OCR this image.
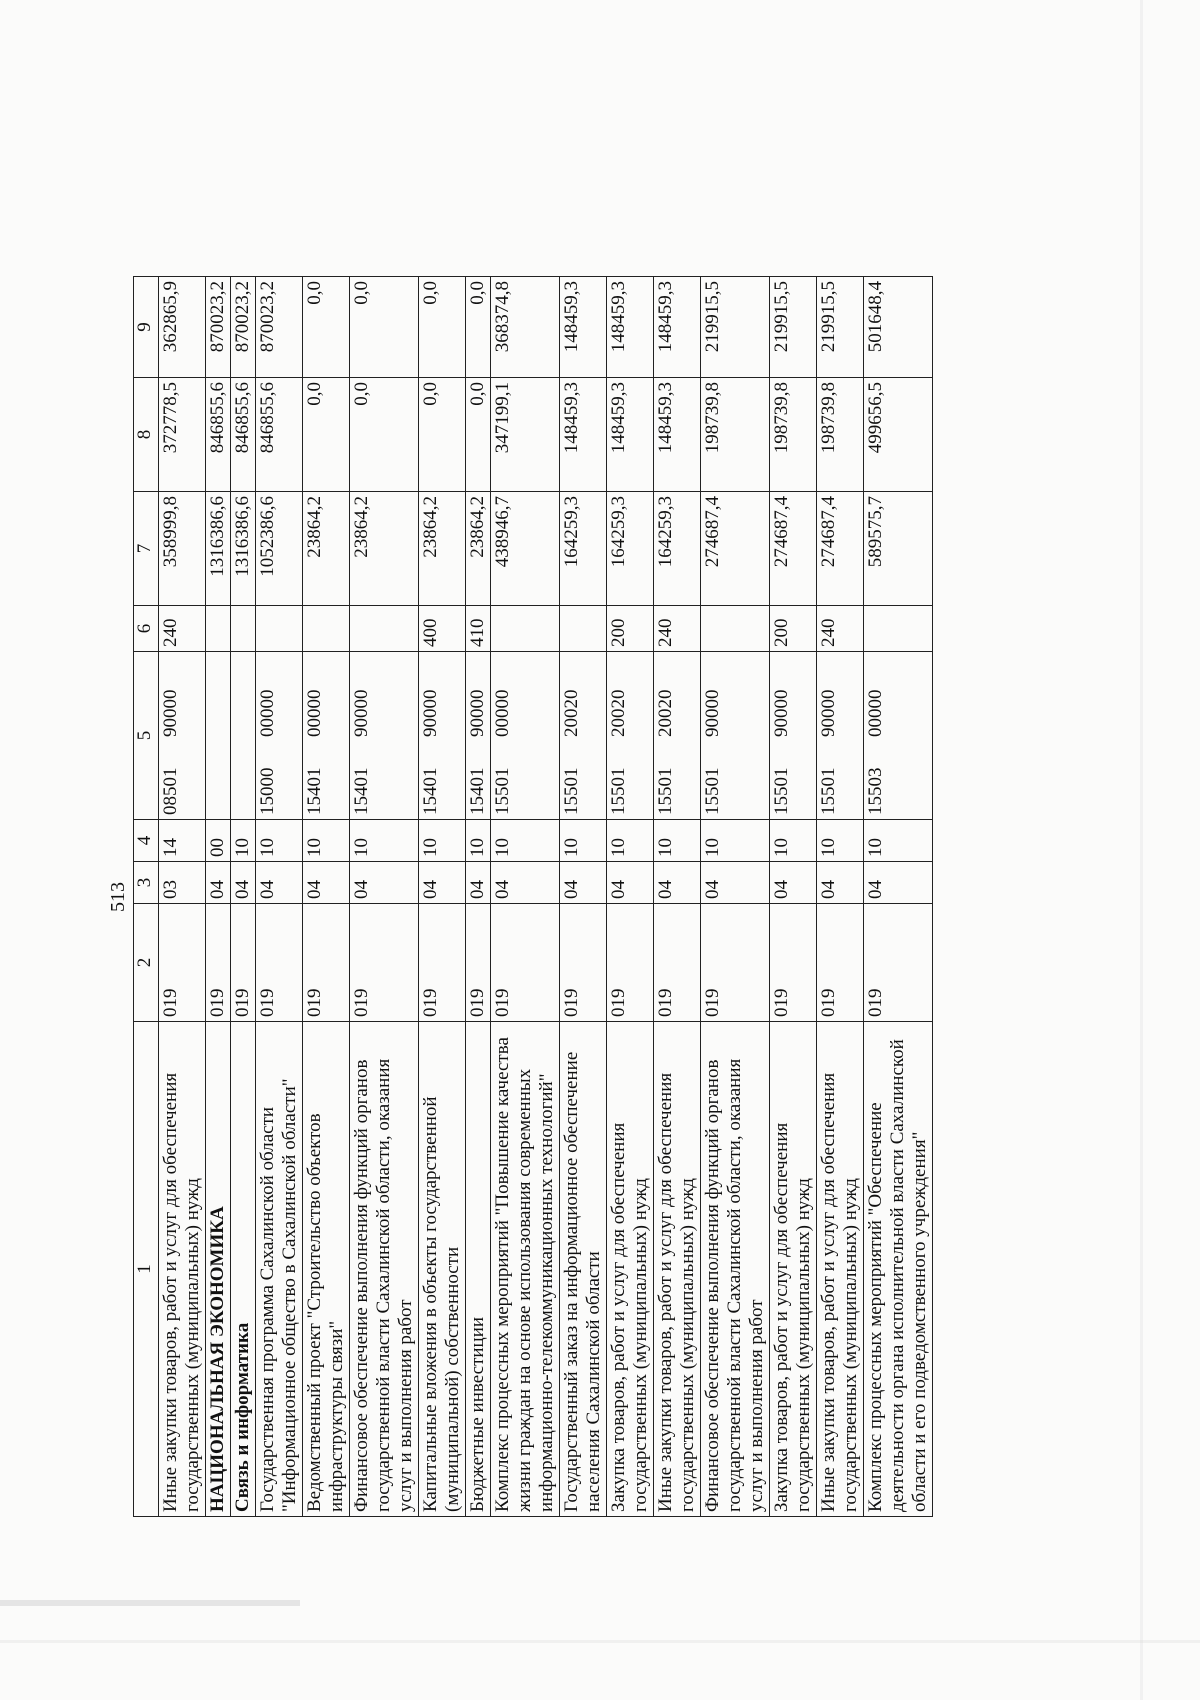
513
1	2	3	4	5	6	7	8	9
Иные закупки товаров, работ и услуг для обеспечения государственных (муниципальных) нужд	019	03	14	0850190000	240	358999,8	372778,5	362865,9
НАЦИОНАЛЬНАЯ ЭКОНОМИКА	019	04	00			1316386,6	846855,6	870023,2
Связь и информатика	019	04	10			1316386,6	846855,6	870023,2
Государственная программа Сахалинской области "Информационное общество в Сахалинской области"	019	04	10	1500000000		1052386,6	846855,6	870023,2
Ведомственный проект "Строительство объектов инфраструктуры связи"	019	04	10	1540100000		23864,2	0,0	0,0
Финансовое обеспечение выполнения функций органов государственной власти Сахалинской области, оказания услуг и выполнения работ	019	04	10	1540190000		23864,2	0,0	0,0
Капитальные вложения в объекты государственной (муниципальной) собственности	019	04	10	1540190000	400	23864,2	0,0	0,0
Бюджетные инвестиции	019	04	10	1540190000	410	23864,2	0,0	0,0
Комплекс процессных мероприятий "Повышение качества жизни граждан на основе использования современных информационно-телекоммуникационных технологий"	019	04	10	1550100000		438946,7	347199,1	368374,8
Государственный заказ на информационное обеспечение населения Сахалинской области	019	04	10	1550120020		164259,3	148459,3	148459,3
Закупка товаров, работ и услуг для обеспечения государственных (муниципальных) нужд	019	04	10	1550120020	200	164259,3	148459,3	148459,3
Иные закупки товаров, работ и услуг для обеспечения государственных (муниципальных) нужд	019	04	10	1550120020	240	164259,3	148459,3	148459,3
Финансовое обеспечение выполнения функций органов государственной власти Сахалинской области, оказания услуг и выполнения работ	019	04	10	1550190000		274687,4	198739,8	219915,5
Закупка товаров, работ и услуг для обеспечения государственных (муниципальных) нужд	019	04	10	1550190000	200	274687,4	198739,8	219915,5
Иные закупки товаров, работ и услуг для обеспечения государственных (муниципальных) нужд	019	04	10	1550190000	240	274687,4	198739,8	219915,5
Комплекс процессных мероприятий "Обеспечение деятельности органа исполнительной власти Сахалинской области и его подведомственного учреждения"	019	04	10	1550300000		589575,7	499656,5	501648,4
